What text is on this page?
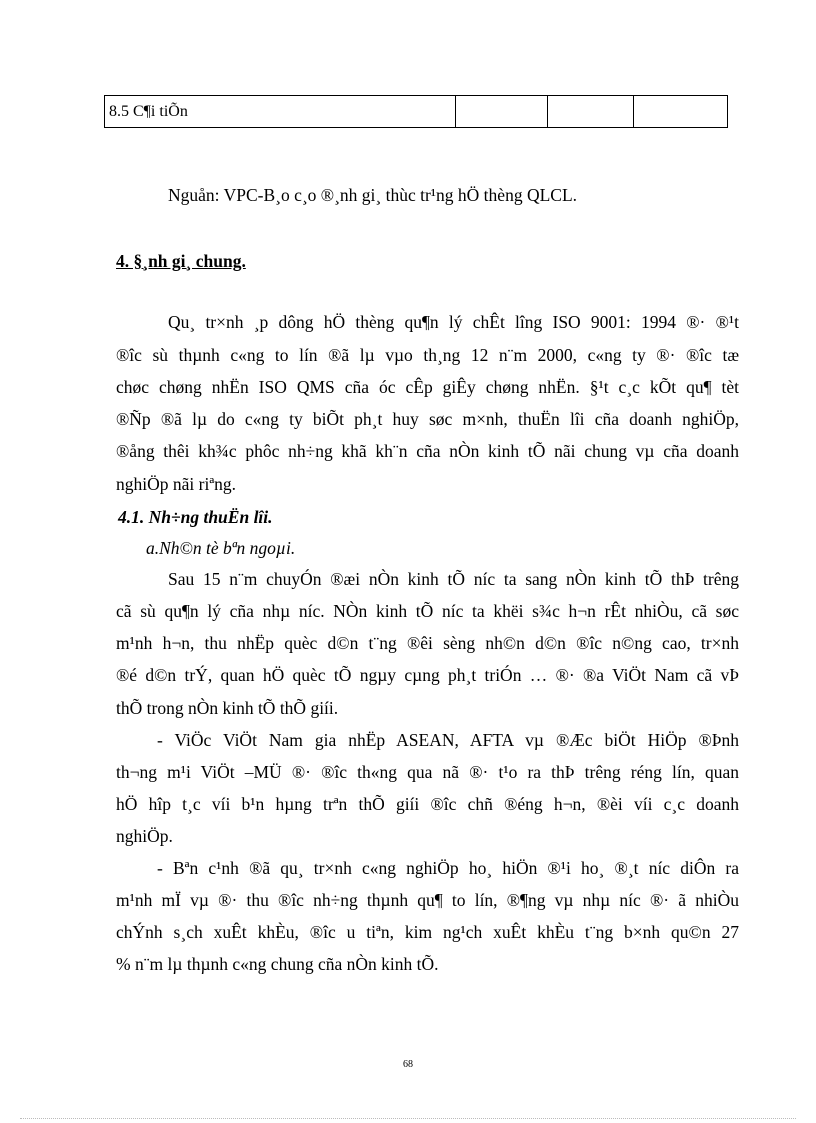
8.5 C¶i tiÕn			
Nguån: VPC-B¸o c¸o ®¸nh gi¸ thùc tr¹ng hÖ thèng QLCL.
4. §¸nh gi¸ chung.
Qu¸ tr×nh ¸p dông hÖ thèng qu¶n lý chÊt lîng ISO 9001: 1994 ®· ®¹t
®îc sù thµnh c«ng to lín ®ã lµ vµo th¸ng 12 n¨m 2000, c«ng ty ®· ®îc tæ
chøc chøng nhËn ISO QMS cña óc cÊp giÊy chøng nhËn. §¹t c¸c kÕt qu¶ tèt
®Ñp ®ã lµ do c«ng ty biÕt ph¸t huy søc m×nh, thuËn lîi cña doanh nghiÖp,
®ång thêi kh¾c phôc nh÷ng khã kh¨n cña nÒn kinh tÕ nãi chung vµ cña doanh
nghiÖp nãi riªng.
4.1. Nh÷ng thuËn lîi.
a.Nh©n tè bªn ngoµi.
Sau 15 n¨m chuyÓn ®æi nÒn kinh tÕ níc ta sang nÒn kinh tÕ thÞ trêng
cã sù qu¶n lý cña nhµ níc. NÒn kinh tÕ níc ta khëi s¾c h¬n rÊt nhiÒu, cã søc
m¹nh h¬n, thu nhËp quèc d©n t¨ng ®êi sèng nh©n d©n ®îc n©ng cao, tr×nh
®é d©n trÝ, quan hÖ quèc tÕ ngµy cµng ph¸t triÓn … ®· ®a ViÖt Nam cã vÞ
thÕ trong nÒn kinh tÕ thÕ giíi.
- ViÖc ViÖt Nam gia nhËp ASEAN, AFTA vµ ®Æc biÖt HiÖp ®Þnh
th¬ng m¹i ViÖt –MÜ ®· ®îc th«ng qua nã ®· t¹o ra thÞ trêng réng lín, quan
hÖ hîp t¸c víi b¹n hµng trªn thÕ giíi ®îc chñ ®éng h¬n, ®èi víi c¸c doanh
nghiÖp.
- Bªn c¹nh ®ã qu¸ tr×nh c«ng nghiÖp ho¸ hiÖn ®¹i ho¸ ®¸t níc diÔn ra
m¹nh mÏ vµ ®· thu ®îc nh÷ng thµnh qu¶ to lín, ®¶ng vµ nhµ níc ®· ã nhiÒu
chÝnh s¸ch xuÊt khÈu, ®îc u tiªn, kim ng¹ch xuÊt khÈu t¨ng b×nh qu©n 27
% n¨m lµ thµnh c«ng chung cña nÒn kinh tÕ.
68
